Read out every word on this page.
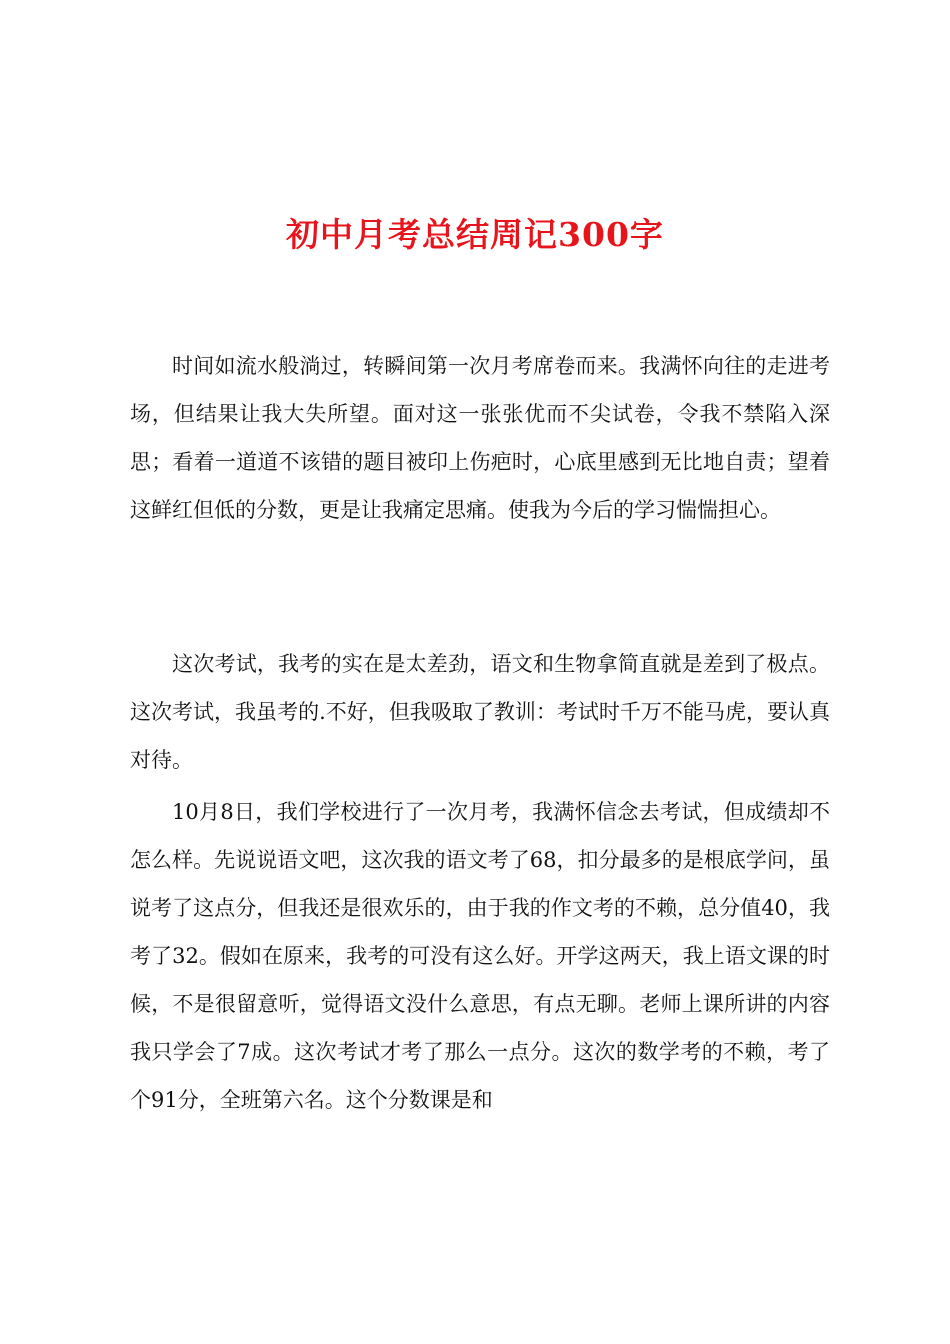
初中月考总结周记300字

时间如流水般淌过，转瞬间第一次月考席卷而来。我满怀向往的走进考场，但结果让我大失所望。面对这一张张优而不尖试卷，令我不禁陷入深思；看着一道道不该错的题目被印上伤疤时，心底里感到无比地自责；望着这鲜红但低的分数，更是让我痛定思痛。使我为今后的学习惴惴担心。

这次考试，我考的实在是太差劲，语文和生物拿简直就是差到了极点。这次考试，我虽考的.不好，但我吸取了教训：考试时千万不能马虎，要认真对待。

10月8日，我们学校进行了一次月考，我满怀信念去考试，但成绩却不怎么样。先说说语文吧，这次我的语文考了68，扣分最多的是根底学问，虽说考了这点分，但我还是很欢乐的，由于我的作文考的不赖，总分值40，我考了32。假如在原来，我考的可没有这么好。开学这两天，我上语文课的时候，不是很留意听，觉得语文没什么意思，有点无聊。老师上课所讲的内容我只学会了7成。这次考试才考了那么一点分。这次的数学考的不赖，考了个91分，全班第六名。这个分数课是和
